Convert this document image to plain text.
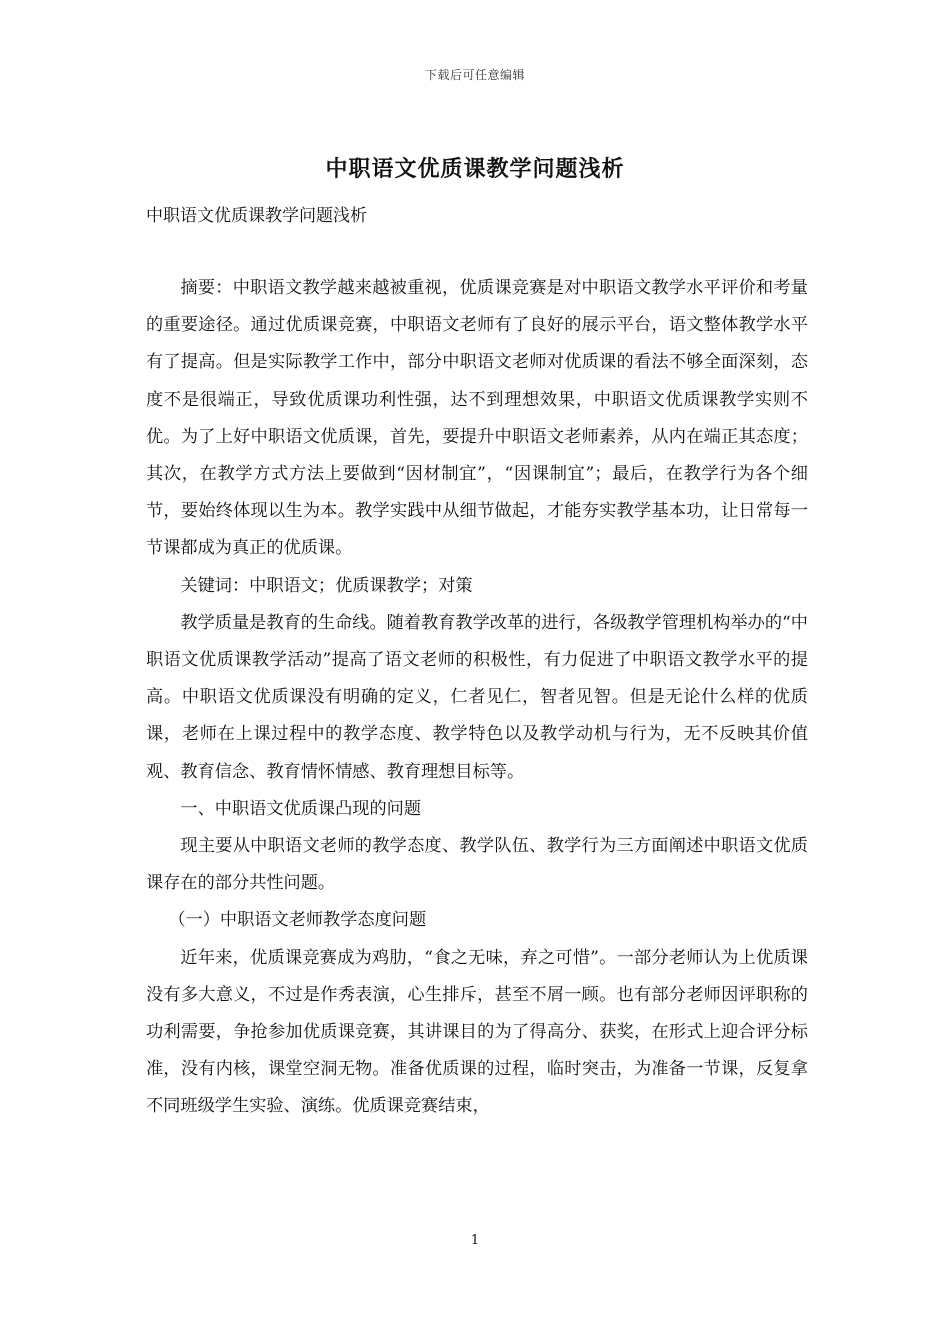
下载后可任意编辑
中职语文优质课教学问题浅析
中职语文优质课教学问题浅析

摘要：中职语文教学越来越被重视，优质课竞赛是对中职语文教学水平评价和考量的重要途径。通过优质课竞赛，中职语文老师有了良好的展示平台，语文整体教学水平有了提高。但是实际教学工作中，部分中职语文老师对优质课的看法不够全面深刻，态度不是很端正，导致优质课功利性强，达不到理想效果，中职语文优质课教学实则不优。为了上好中职语文优质课，首先，要提升中职语文老师素养，从内在端正其态度；其次，在教学方式方法上要做到“因材制宜”，“因课制宜”；最后，在教学行为各个细节，要始终体现以生为本。教学实践中从细节做起，才能夯实教学基本功，让日常每一节课都成为真正的优质课。

关键词：中职语文；优质课教学；对策

教学质量是教育的生命线。随着教育教学改革的进行，各级教学管理机构举办的“中职语文优质课教学活动”提高了语文老师的积极性，有力促进了中职语文教学水平的提高。中职语文优质课没有明确的定义，仁者见仁，智者见智。但是无论什么样的优质课，老师在上课过程中的教学态度、教学特色以及教学动机与行为，无不反映其价值观、教育信念、教育情怀情感、教育理想目标等。

一、中职语文优质课凸现的问题

现主要从中职语文老师的教学态度、教学队伍、教学行为三方面阐述中职语文优质课存在的部分共性问题。

（一）中职语文老师教学态度问题

近年来，优质课竞赛成为鸡肋，“食之无味，弃之可惜”。一部分老师认为上优质课没有多大意义，不过是作秀表演，心生排斥，甚至不屑一顾。也有部分老师因评职称的功利需要，争抢参加优质课竞赛，其讲课目的为了得高分、获奖，在形式上迎合评分标准，没有内核，课堂空洞无物。准备优质课的过程，临时突击，为准备一节课，反复拿不同班级学生实验、演练。优质课竞赛结束，

1
